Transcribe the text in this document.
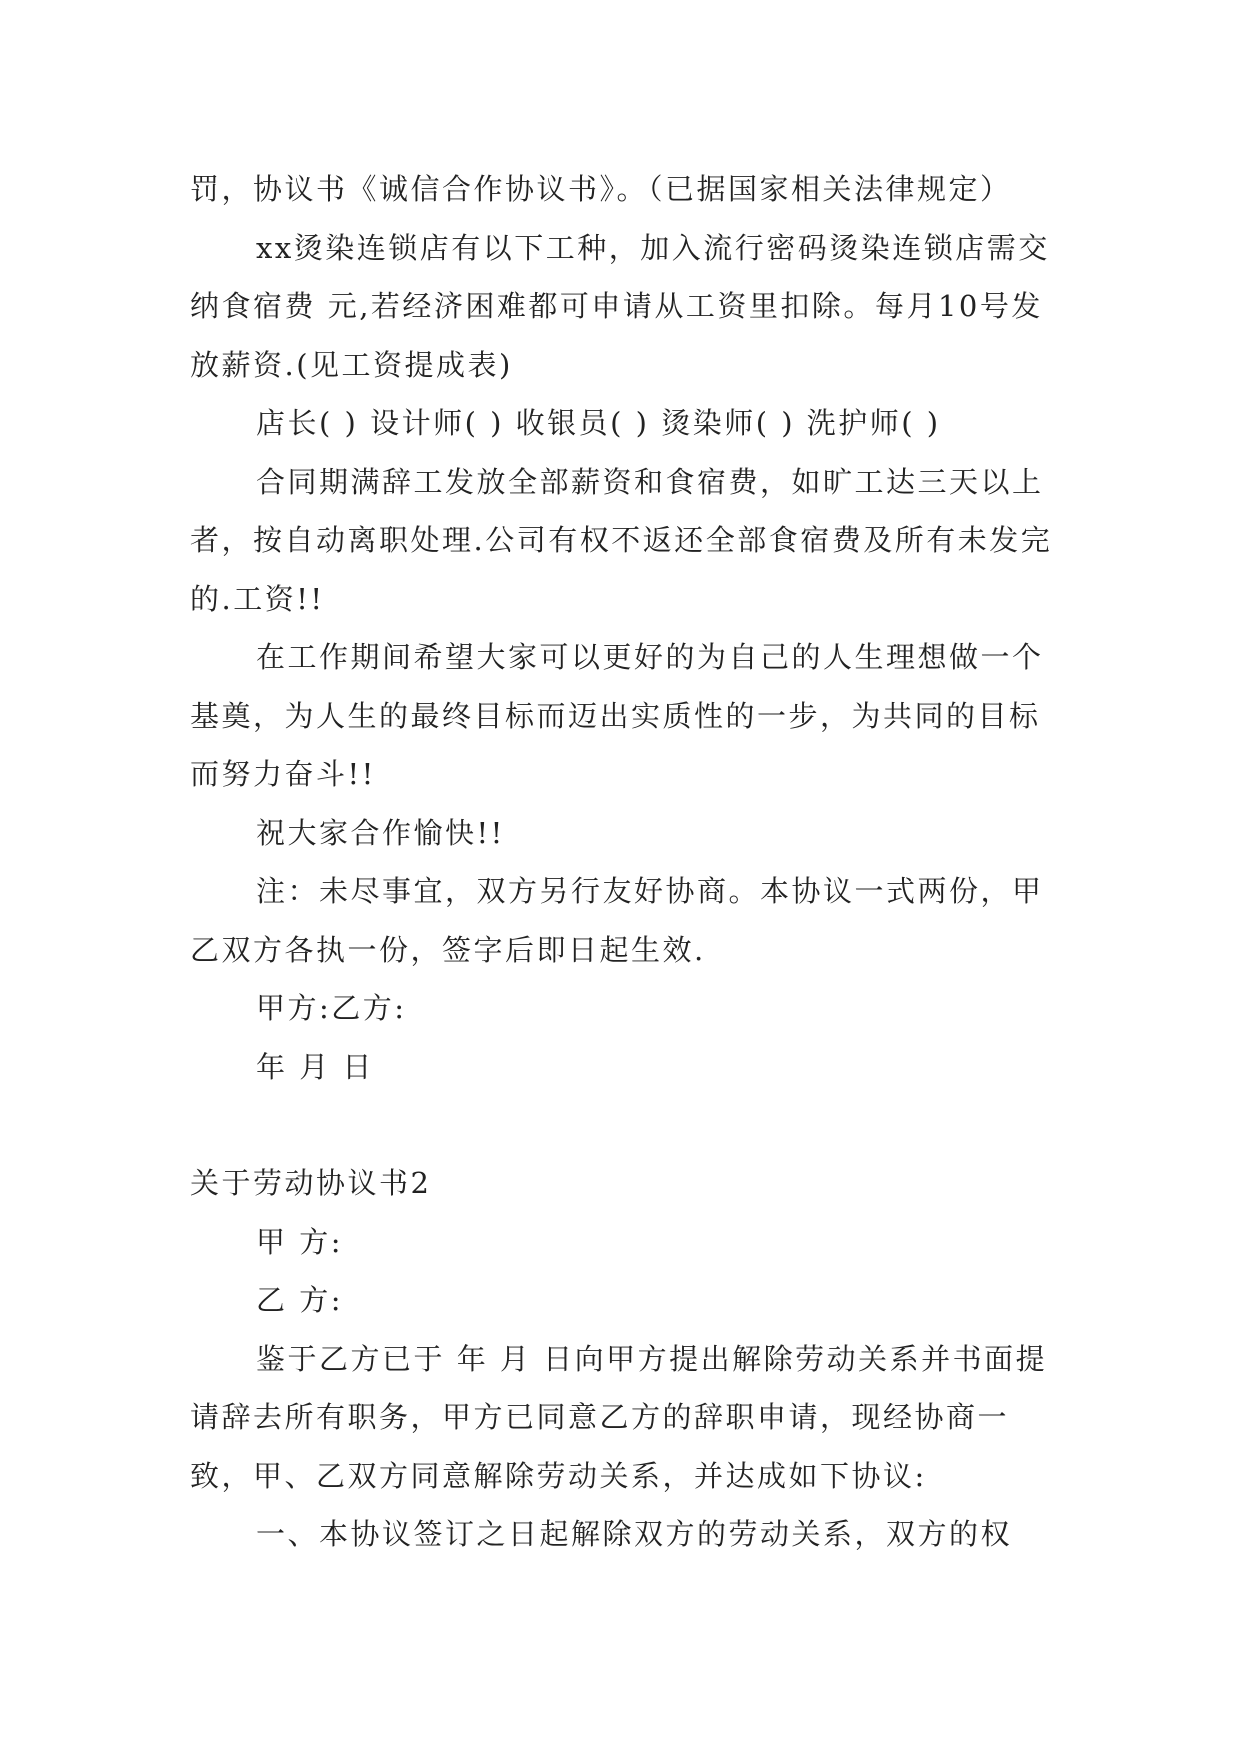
罚，协议书《诚信合作协议书》。（已据国家相关法律规定）

xx烫染连锁店有以下工种，加入流行密码烫染连锁店需交纳食宿费 元,若经济困难都可申请从工资里扣除。每月10号发放薪资.(见工资提成表)

店长( ) 设计师( ) 收银员( ) 烫染师( ) 洗护师( )

合同期满辞工发放全部薪资和食宿费，如旷工达三天以上者，按自动离职处理.公司有权不返还全部食宿费及所有未发完的.工资!!

在工作期间希望大家可以更好的为自己的人生理想做一个基奠，为人生的最终目标而迈出实质性的一步，为共同的目标而努力奋斗!!

祝大家合作愉快!!

注：未尽事宜，双方另行友好协商。本协议一式两份，甲乙双方各执一份，签字后即日起生效.

甲方:乙方:

年 月 日

关于劳动协议书2

甲 方:

乙 方:

鉴于乙方已于 年 月 日向甲方提出解除劳动关系并书面提请辞去所有职务，甲方已同意乙方的辞职申请，现经协商一致，甲、乙双方同意解除劳动关系，并达成如下协议:

一、本协议签订之日起解除双方的劳动关系，双方的权
